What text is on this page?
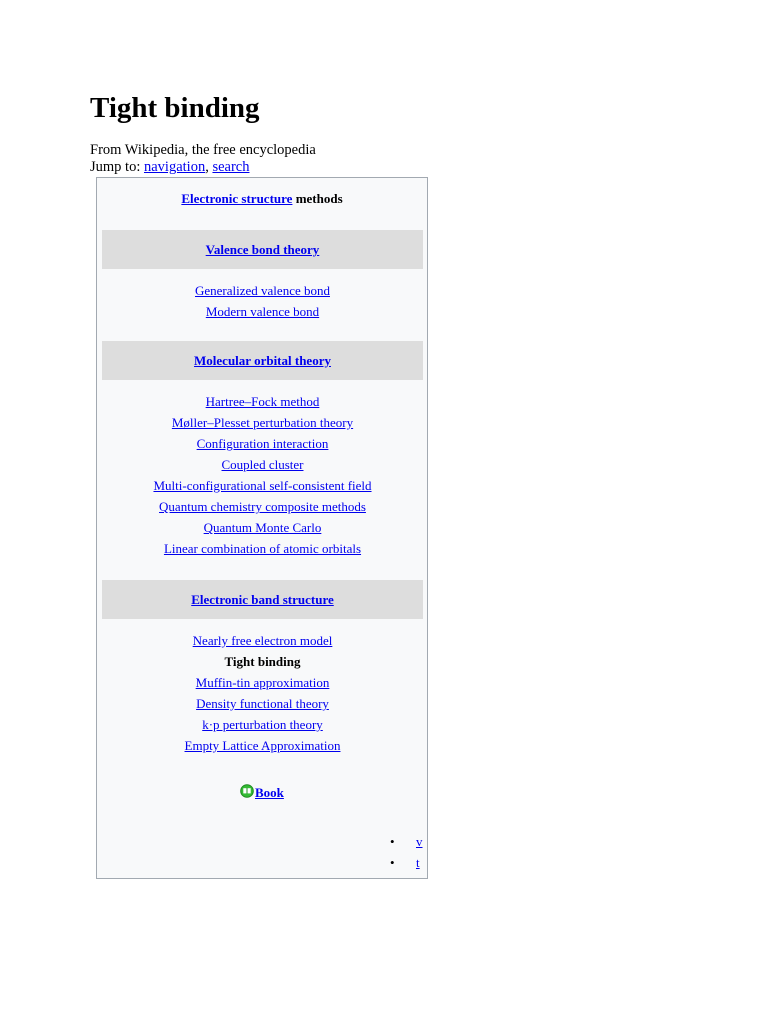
Tight binding
From Wikipedia, the free encyclopedia
Jump to: navigation, search
Electronic structure methods
Valence bond theory
Generalized valence bond
Modern valence bond
Molecular orbital theory
Hartree–Fock method
Møller–Plesset perturbation theory
Configuration interaction
Coupled cluster
Multi-configurational self-consistent field
Quantum chemistry composite methods
Quantum Monte Carlo
Linear combination of atomic orbitals
Electronic band structure
Nearly free electron model
Tight binding
Muffin-tin approximation
Density functional theory
k·p perturbation theory
Empty Lattice Approximation
Book
• v
• t
